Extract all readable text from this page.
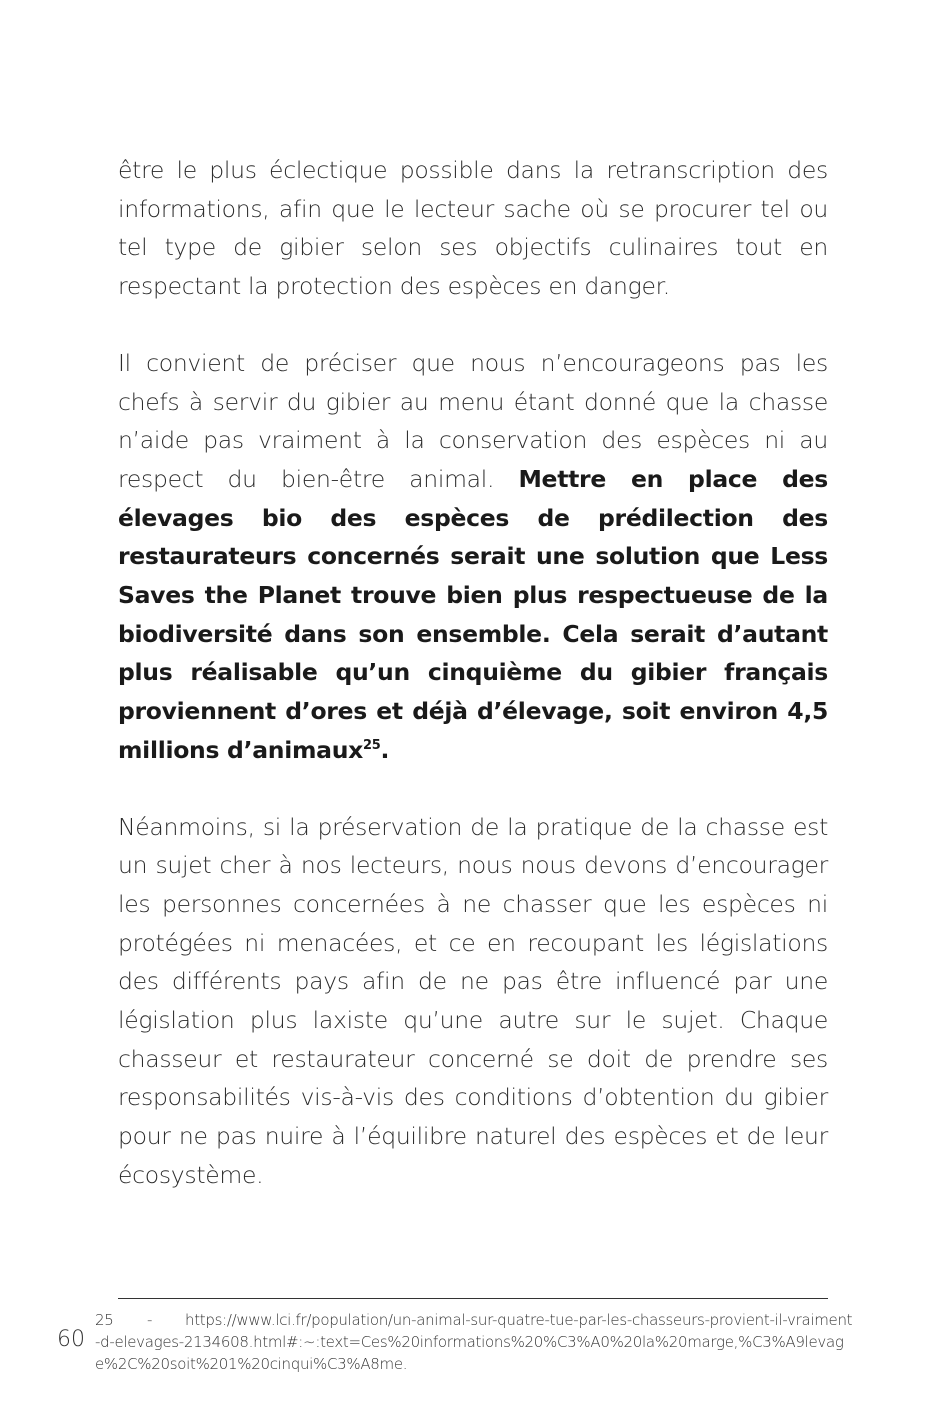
être le plus éclectique possible dans la retranscription des informations, afin que le lecteur sache où se procurer tel ou tel type de gibier selon ses objectifs culinaires tout en respectant la protection des espèces en danger.

Il convient de préciser que nous n’encourageons pas les chefs à servir du gibier au menu étant donné que la chasse n’aide pas vraiment à la conservation des espèces ni au respect du bien-être animal. Mettre en place des élevages bio des espèces de prédilection des restaurateurs concernés serait une solution que Less Saves the Planet trouve bien plus respectueuse de la biodiversité dans son ensemble. Cela serait d’autant plus réalisable qu’un cinquième du gibier français proviennent d’ores et déjà d’élevage, soit environ 4,5 millions d’animaux$^{25}$.

Néanmoins, si la préservation de la pratique de la chasse est un sujet cher à nos lecteurs, nous nous devons d’encourager les personnes concernées à ne chasser que les espèces ni protégées ni menacées, et ce en recoupant les législations des différents pays afin de ne pas être influencé par une législation plus laxiste qu’une autre sur le sujet. Chaque chasseur et restaurateur concerné se doit de prendre ses responsabilités vis-à-vis des conditions d’obtention du gibier pour ne pas nuire à l’équilibre naturel des espèces et de leur écosystème.

25 - https://www.lci.fr/population/un-animal-sur-quatre-tue-par-les-chasseurs-provient-il-vraiment-d-elevages-2134608.html#:~:text=Ces%20informations%20%C3%A0%20la%20marge,%C3%A9levage%2C%20soit%201%20cinqui%C3%A8me.
60
